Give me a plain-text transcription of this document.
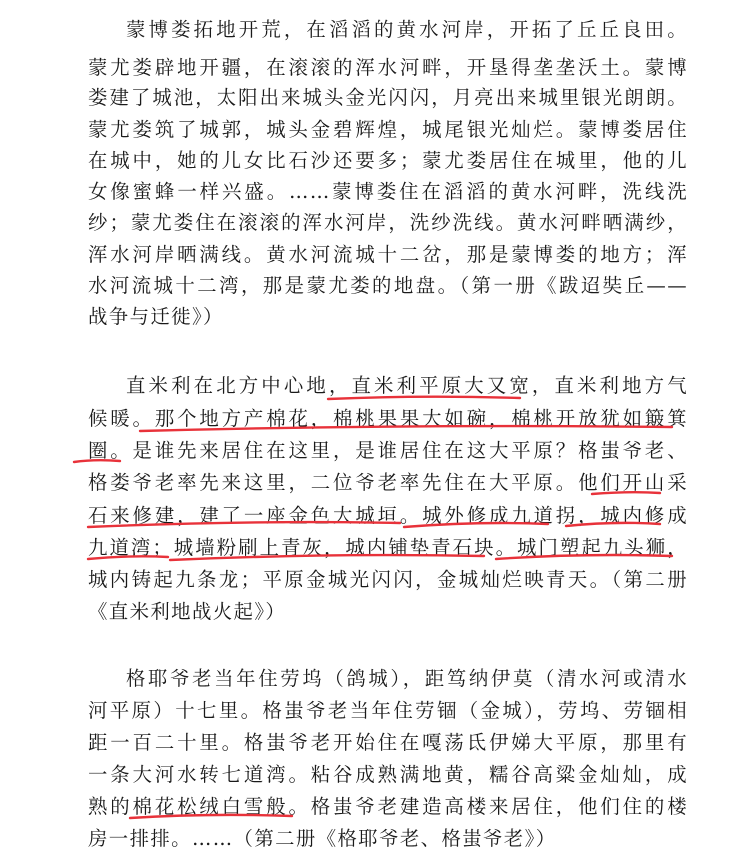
蒙博娄拓地开荒，在滔滔的黄水河岸，开拓了丘丘良田。
蒙尤娄辟地开疆，在滚滚的浑水河畔，开垦得垄垄沃土。蒙博
娄建了城池，太阳出来城头金光闪闪，月亮出来城里银光朗朗。
蒙尤娄筑了城郭，城头金碧辉煌，城尾银光灿烂。蒙博娄居住
在城中，她的儿女比石沙还要多；蒙尤娄居住在城里，他的儿
女像蜜蜂一样兴盛。……蒙博娄住在滔滔的黄水河畔，洗线洗
纱；蒙尤娄住在滚滚的浑水河岸，洗纱洗线。黄水河畔晒满纱，
浑水河岸晒满线。黄水河流城十二岔，那是蒙博娄的地方；浑
水河流城十二湾，那是蒙尤娄的地盘。（第一册《跋迢奘丘——
战争与迁徙》）
直米利在北方中心地，直米利平原大又宽，直米利地方气
候暖。那个地方产棉花，棉桃果果大如碗，棉桃开放犹如簸箕
圈。是谁先来居住在这里，是谁居住在这大平原？格蚩爷老、
格娄爷老率先来这里，二位爷老率先住在大平原。他们开山采
石来修建，建了一座金色大城垣。城外修成九道拐，城内修成
九道湾；城墙粉刷上青灰，城内铺垫青石块。城门塑起九头狮，
城内铸起九条龙；平原金城光闪闪，金城灿烂映青天。（第二册
《直米利地战火起》）
格耶爷老当年住劳坞（鸽城），距笃纳伊莫（清水河或清水
河平原）十七里。格蚩爷老当年住劳锢（金城），劳坞、劳锢相
距一百二十里。格蚩爷老开始住在嘎荡氐伊娣大平原，那里有
一条大河水转七道湾。粘谷成熟满地黄，糯谷高粱金灿灿，成
熟的棉花松绒白雪般。格蚩爷老建造高楼来居住，他们住的楼
房一排排。……（第二册《格耶爷老、格蚩爷老》）
